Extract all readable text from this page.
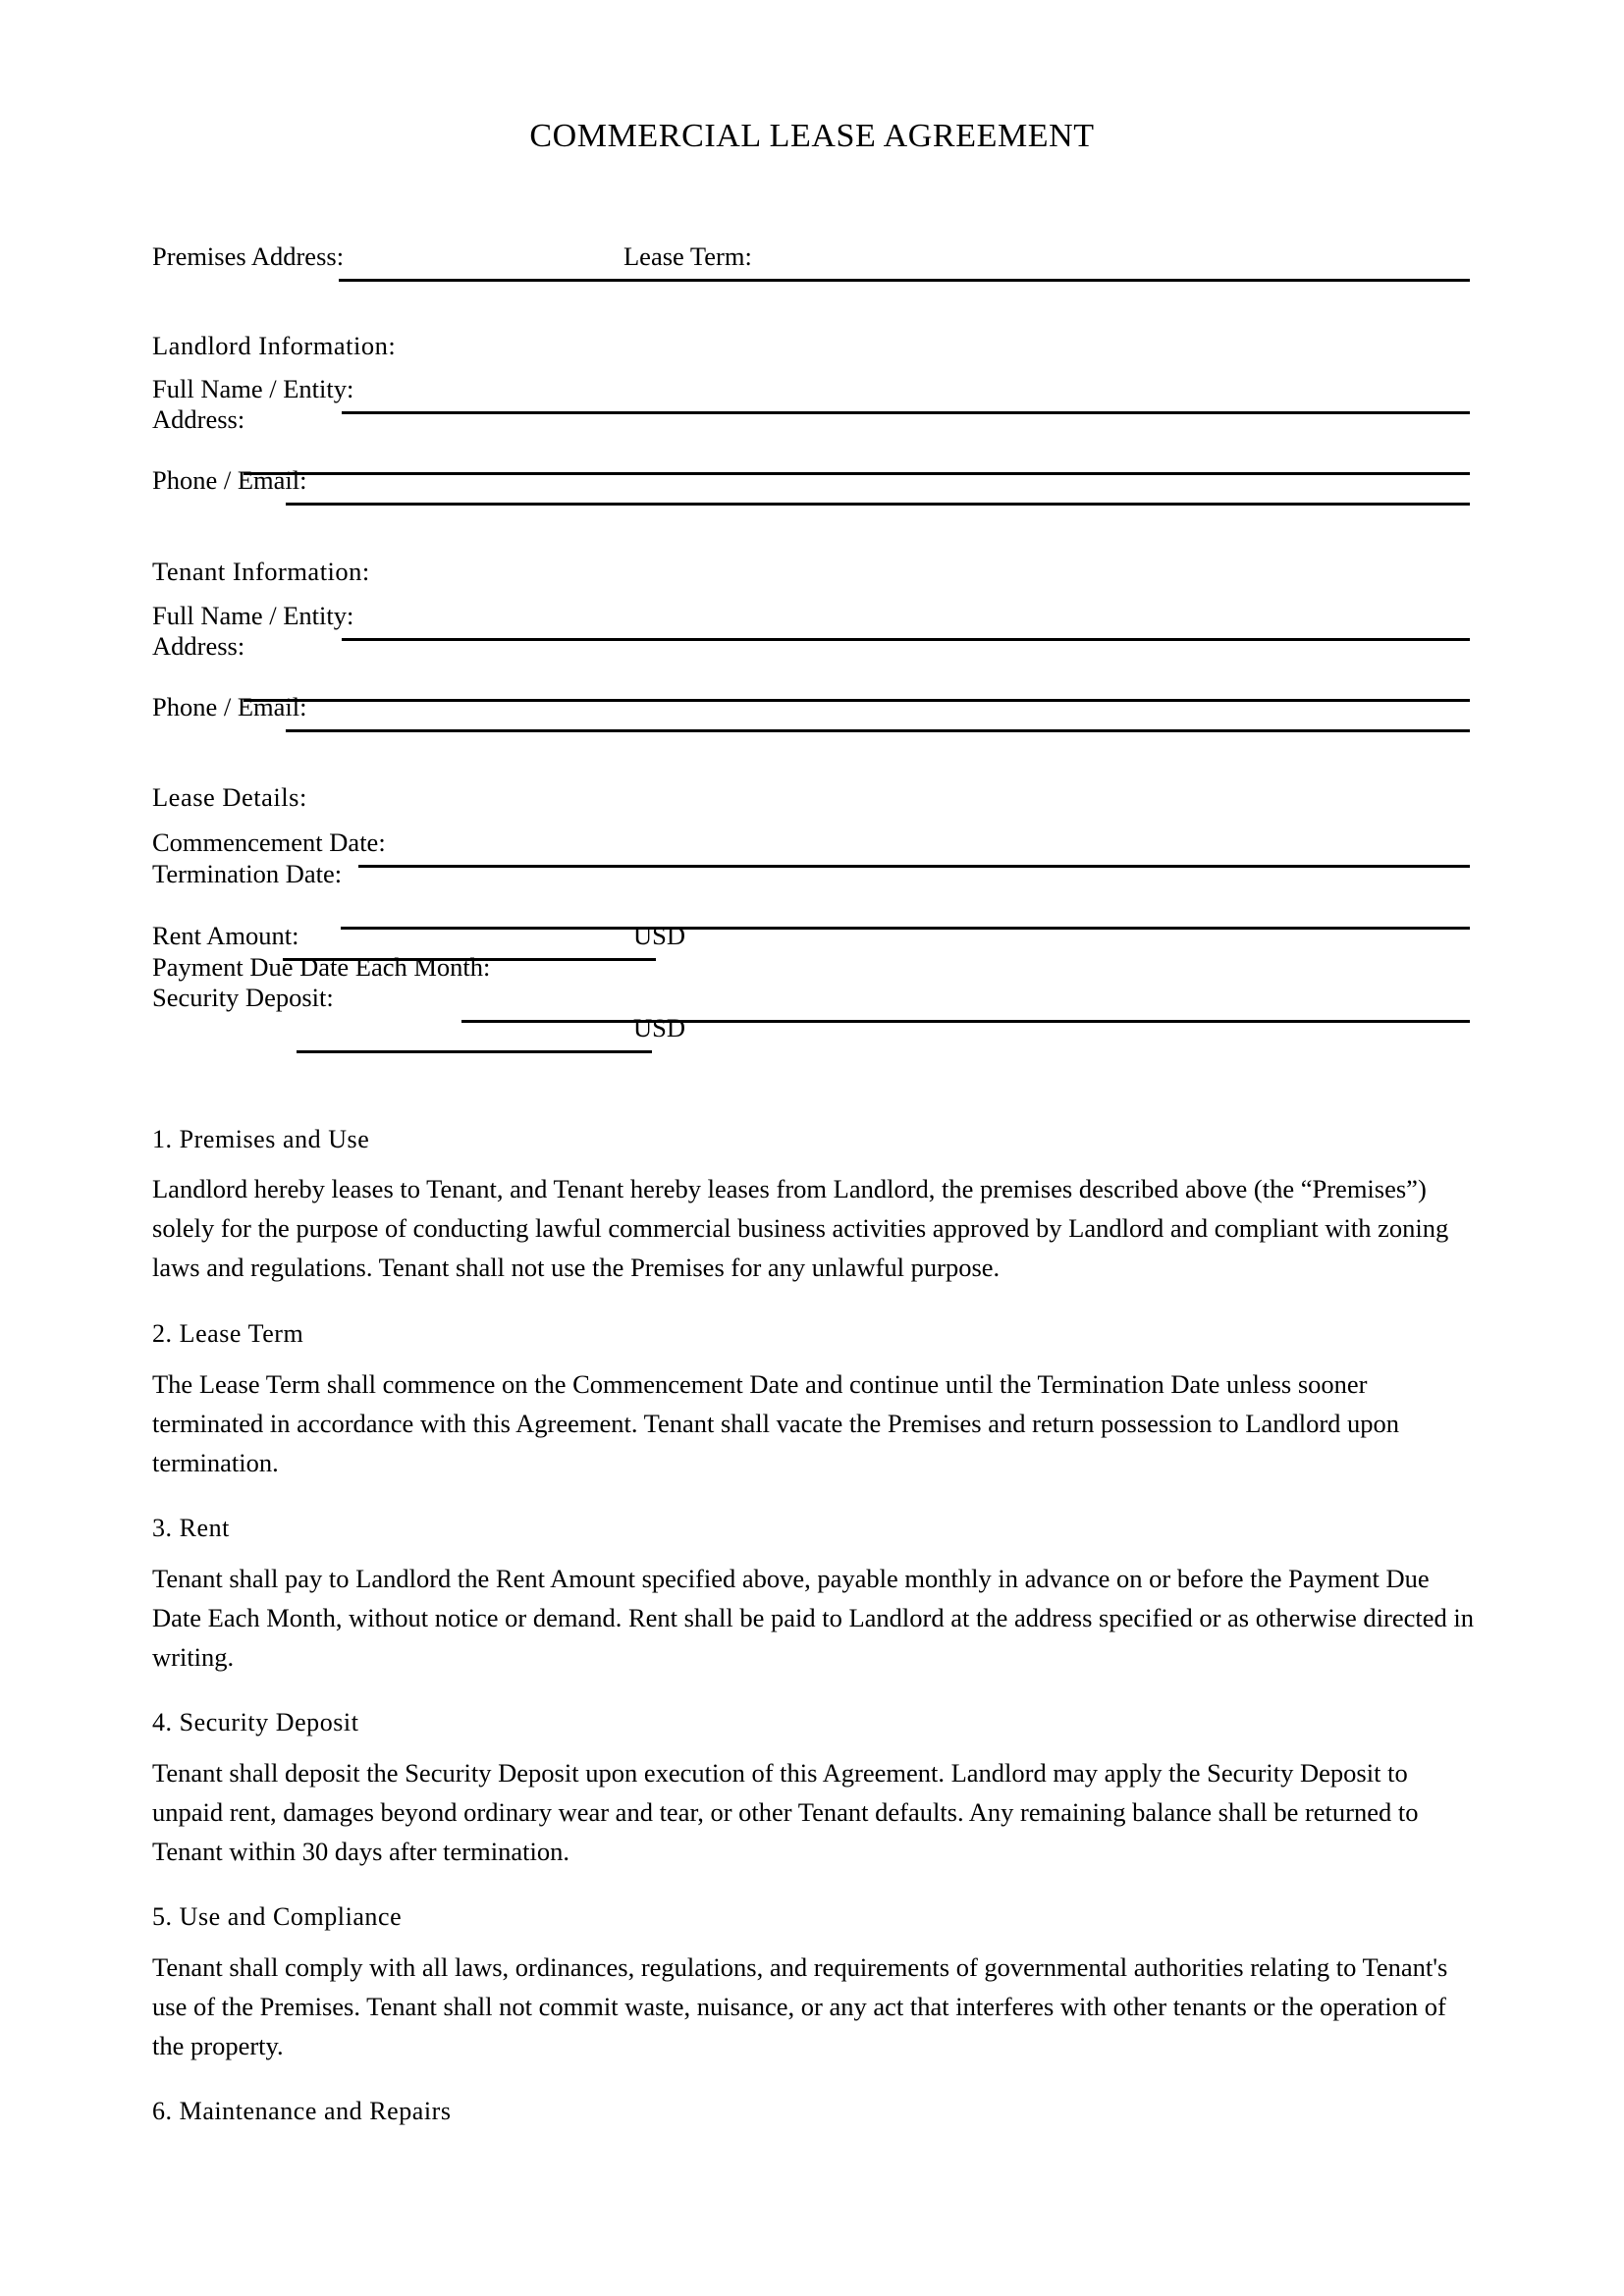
COMMERCIAL LEASE AGREEMENT
Premises Address:	Lease Term:
Landlord Information:
Full Name / Entity:
Address:
Phone / Email:
Tenant Information:
Full Name / Entity:
Address:
Phone / Email:
Lease Details:
Commencement Date:
Termination Date:
Rent Amount:	USD
Payment Due Date Each Month:
Security Deposit:
USD
1. Premises and Use
Landlord hereby leases to Tenant, and Tenant hereby leases from Landlord, the premises described above (the “Premises”) solely for the purpose of conducting lawful commercial business activities approved by Landlord and compliant with zoning laws and regulations. Tenant shall not use the Premises for any unlawful purpose.
2. Lease Term
The Lease Term shall commence on the Commencement Date and continue until the Termination Date unless sooner terminated in accordance with this Agreement. Tenant shall vacate the Premises and return possession to Landlord upon termination.
3. Rent
Tenant shall pay to Landlord the Rent Amount specified above, payable monthly in advance on or before the Payment Due Date Each Month, without notice or demand. Rent shall be paid to Landlord at the address specified or as otherwise directed in writing.
4. Security Deposit
Tenant shall deposit the Security Deposit upon execution of this Agreement. Landlord may apply the Security Deposit to unpaid rent, damages beyond ordinary wear and tear, or other Tenant defaults. Any remaining balance shall be returned to Tenant within 30 days after termination.
5. Use and Compliance
Tenant shall comply with all laws, ordinances, regulations, and requirements of governmental authorities relating to Tenant's use of the Premises. Tenant shall not commit waste, nuisance, or any act that interferes with other tenants or the operation of the property.
6. Maintenance and Repairs
